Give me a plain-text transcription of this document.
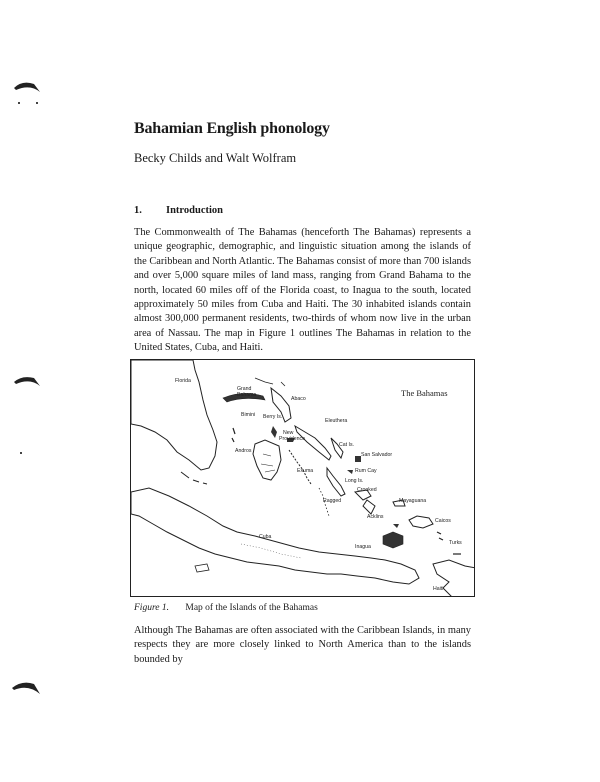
Bahamian English phonology
Becky Childs and Walt Wolfram
1. Introduction

The Commonwealth of The Bahamas (henceforth The Bahamas) represents a unique geographic, demographic, and linguistic situation among the islands of the Caribbean and North Atlantic. The Bahamas consist of more than 700 islands and over 5,000 square miles of land mass, ranging from Grand Bahama to the north, located 60 miles off of the Florida coast, to Inagua to the south, located approximately 50 miles from Cuba and Haiti. The 30 inhabited islands contain almost 300,000 permanent residents, two-thirds of whom now live in the urban area of Nassau. The map in Figure 1 outlines The Bahamas in relation to the United States, Cuba, and Haiti.

The Bahamas
Florida
Grand Bahama
Abaco
Berry Is.
Bimini
Eleuthera
New Providence
Cat Is.
Andros
San Salvador
Exuma	Rum Cay
Long Is.
Crooked
Ragged
Acklins
Mayaguana
Caicos
Turks
Cuba
Inagua
Haiti
Figure 1. Map of the Islands of the Bahamas

Although The Bahamas are often associated with the Caribbean Islands, in many respects they are more closely linked to North America than to the islands bounded by
